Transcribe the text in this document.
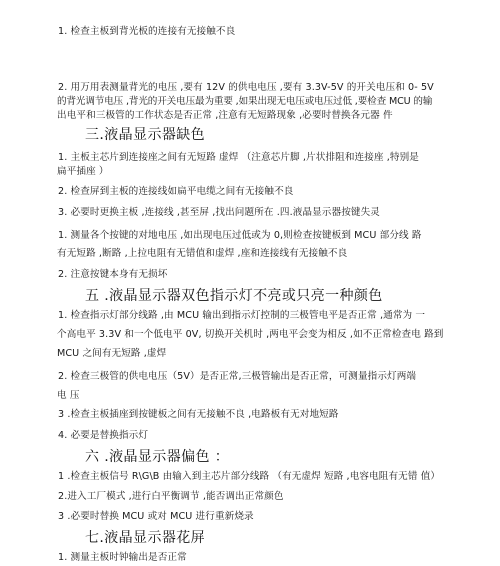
1. 检查主板到背光板的连接有无接触不良
2. 用万用表测量背光的电压 ,要有 12V 的供电电压 ,要有 3.3V-5V 的开关电压和 0- 5V
的背光调节电压 ,背光的开关电压最为重要 ,如果出现无电压或电压过低 ,要检查 MCU 的输
出电平和三极管的工作状态是否正常 ,注意有无短路现象 ,必要时替换各元器 件
三.液晶显示器缺色
1. 主板主芯片到连接座之间有无短路 虚焊 （注意芯片脚 ,片状排阻和连接座 ,特别是
扁平插座 ）
2. 检查屏到主板的连接线如扁平电缆之间有无接触不良
3. 必要时更换主板 ,连接线 ,甚至屏 ,找出问题所在 .四.液晶显示器按键失灵
1. 测量各个按键的对地电压 ,如出现电压过低或为 0,则检查按键板到 MCU 部分线 路
有无短路 ,断路 ,上拉电阻有无错值和虚焊 ,座和连接线有无接触不良
2. 注意按键本身有无损坏
五 .液晶显示器双色指示灯不亮或只亮一种颜色
1. 检查指示灯部分线路 ,由 MCU 输出到指示灯控制的三极管电平是否正常 ,通常为 一
个高电平 3.3V 和一个低电平 0V, 切换开关机时 ,两电平会变为相反 ,如不正常检查电 路到
MCU 之间有无短路 ,虚焊
2. 检查三极管的供电电压（5V）是否正常,三极管输出是否正常，可测量指示灯两端
电 压
3 .检查主板插座到按键板之间有无接触不良 ,电路板有无对地短路
4. 必要是替换指示灯
六 .液晶显示器偏色 ：
1 .检查主板信号 R\G\B 由输入到主芯片部分线路 （有无虚焊 短路 ,电容电阻有无错 值）
2.进入工厂模式 ,进行白平衡调节 ,能否调出正常颜色
3 .必要时替换 MCU 或对 MCU 进行重新烧录
七.液晶显示器花屏
1. 测量主板时钟输出是否正常
